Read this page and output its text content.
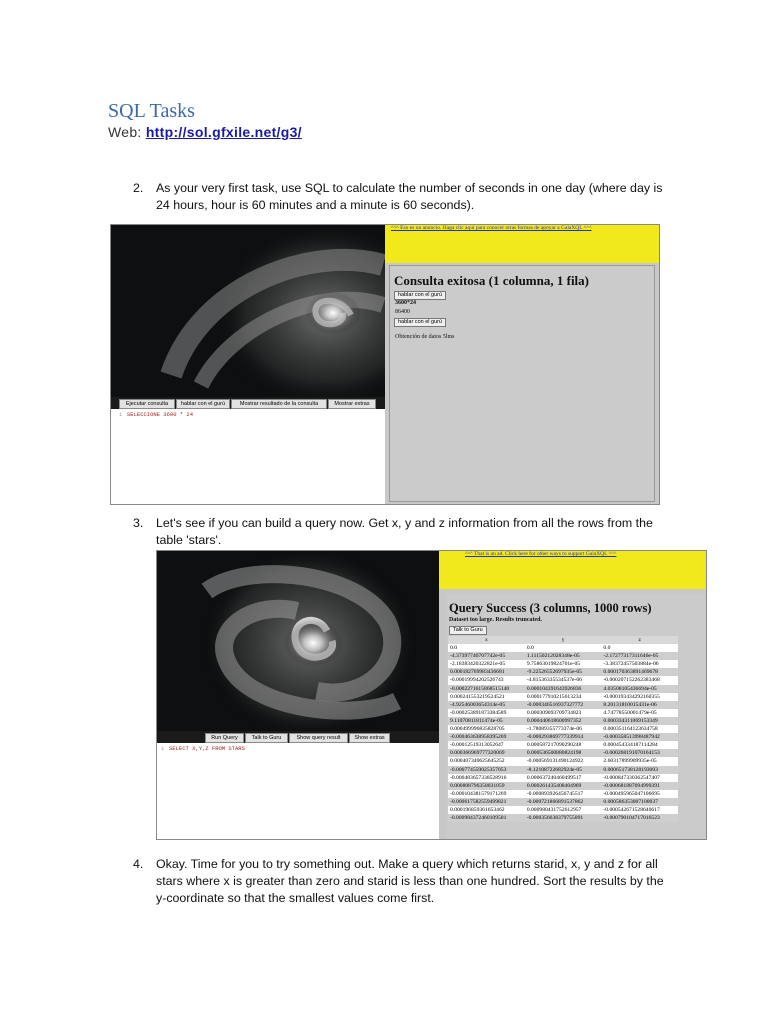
SQL Tasks
Web: http://sol.gfxile.net/g3/
2. As your very first task, use SQL to calculate the number of seconds in one day (where day is 24 hours, hour is 60 minutes and a minute is 60 seconds).
^^^ Eso es un anuncio. Haga clic aquí para conocer otras formas de apoyar a GalaXQL ^^^
Consulta exitosa (1 columna, 1 fila)
hablar con el gurú
3600*24
86400
hablar con el gurú
Obtención de datos 5lms
Ejecutar consulta	hablar con el gurú	Mostrar resultado de la consulta	Mostrar extras
1 SELECCIONE 3600 * 24
3. Let's see if you can build a query now. Get x, y and z information from all the rows from the table 'stars'.
^^^ That is an ad. Click here for other ways to support GalaXQL ^^^
Query Success (3 columns, 1000 rows)
Dataset too large. Results truncated.
Talk to Guru
x	y	z
0.0	0.0	0.0
-4.37397740707742e-05	1.11150212028348e-05	-2.17277317311646e-05
-2.18383420322821e-05	9.75863019824701e-05	-3.38372457503884e-06
0.000182769983436681	-9.22526552697935e-05	0.000170363891469678
-0.00019994202526743	-4.81536335534537e-06	-0.000207152262383468
-0.0002271615868515140	0.000104391643926836	4.03508105436694e-05
0.000241553219524521	0.000177910215613234	-0.000193434292160355
-4.92546003654314e-05	-0.000346516937327772	8.20131810015431e-06
-0.000253891873384589	0.000309093709734823	4.74778550001479e-05
9.11070811811474e-05	0.000440618600997352	0.000334311069153349
0.000499996835828705	-1.78089355773374e-06	0.000351164123634758
-0.000463638958395269	-0.000293869777339914	-0.000358513998487942
-0.00012519313052647	0.000587217090290248	0.000454334187114284
0.000366969777320069	0.000536500880824198	-0.000268191070164153
0.000407340625645252	-0.000569131490124922	2.60317899909935e-05
-0.000774559025357053	-8.12108722682924e-05	0.000651738128193003
-0.000483657338528916	0.000637240460499517	-0.000847330362547407
0.000808796358031059	0.000261435408404969	-0.000681887094999391
-0.000104381579171269	-0.000893926456745517	-0.000495965047106695
-0.000617582559499821	-0.000721866891537862	0.000586353007100037
0.000196859361653462	0.000980431752612957	-0.000542671528640617
-0.000984372460109501	-0.000356638379755891	-0.000790104717016523
Run Query	Talk to Guru	Show query result	Show extras
1 SELECT X,Y,Z FROM STARS
4. Okay. Time for you to try something out. Make a query which returns starid, x, y and z for all stars where x is greater than zero and starid is less than one hundred. Sort the results by the y-coordinate so that the smallest values come first.
